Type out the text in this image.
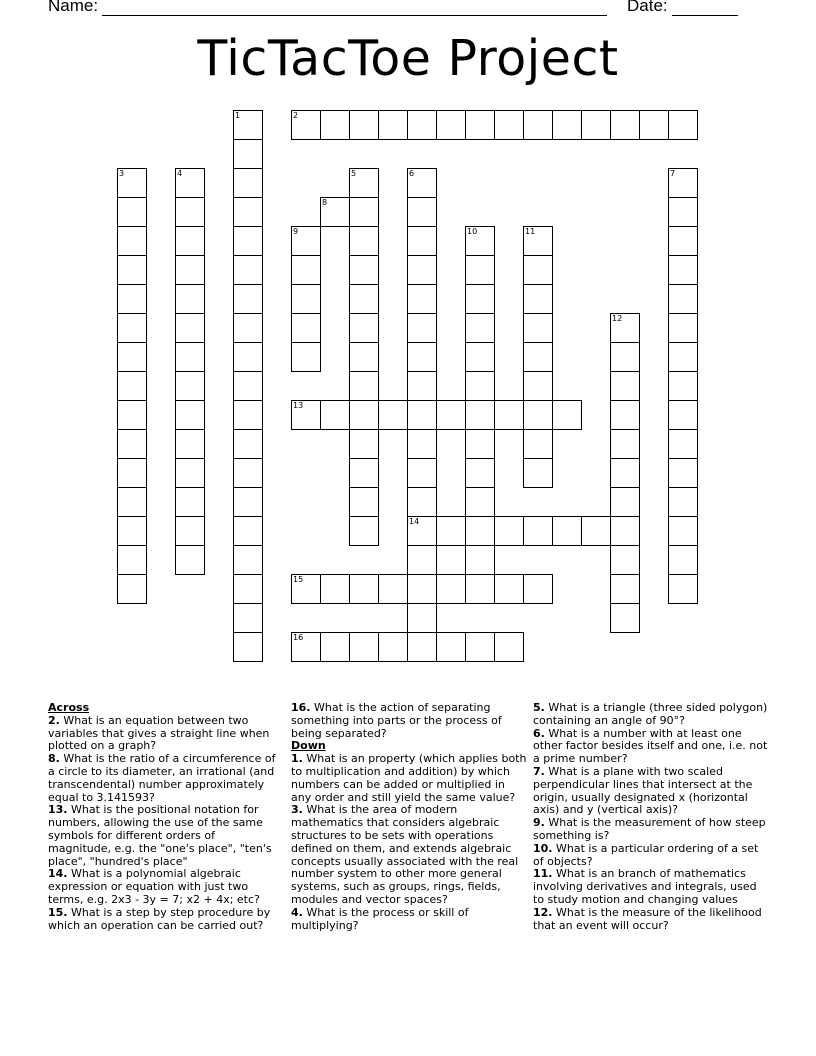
Name:	Date:
TicTacToe Project
1	2
3	4	5	6
14
7
8
9	10	11
12
13
15
16
Across

2. What is an equation between two variables that gives a straight line when plotted on a graph?

8. What is the ratio of a circumference of a circle to its diameter, an irrational (and transcendental) number approximately equal to 3.141593?

13. What is the positional notation for numbers, allowing the use of the same symbols for different orders of magnitude, e.g. the "one's place", "ten's place", "hundred's place"

14. What is a polynomial algebraic expression or equation with just two terms, e.g. 2x3 - 3y = 7; x2 + 4x; etc?

15. What is a step by step procedure by which an operation can be carried out?

16. What is the action of separating something into parts or the process of being separated?

Down

1. What is an property (which applies both to multiplication and addition) by which numbers can be added or multiplied in any order and still yield the same value?

3. What is the area of modern mathematics that considers algebraic structures to be sets with operations defined on them, and extends algebraic concepts usually associated with the real number system to other more general systems, such as groups, rings, fields, modules and vector spaces?

4. What is the process or skill of multiplying?

5. What is a triangle (three sided polygon) containing an angle of 90°?

6. What is a number with at least one other factor besides itself and one, i.e. not a prime number?

7. What is a plane with two scaled perpendicular lines that intersect at the origin, usually designated x (horizontal axis) and y (vertical axis)?

9. What is the measurement of how steep something is?

10. What is a particular ordering of a set of objects?

11. What is an branch of mathematics involving derivatives and integrals, used to study motion and changing values

12. What is the measure of the likelihood that an event will occur?
